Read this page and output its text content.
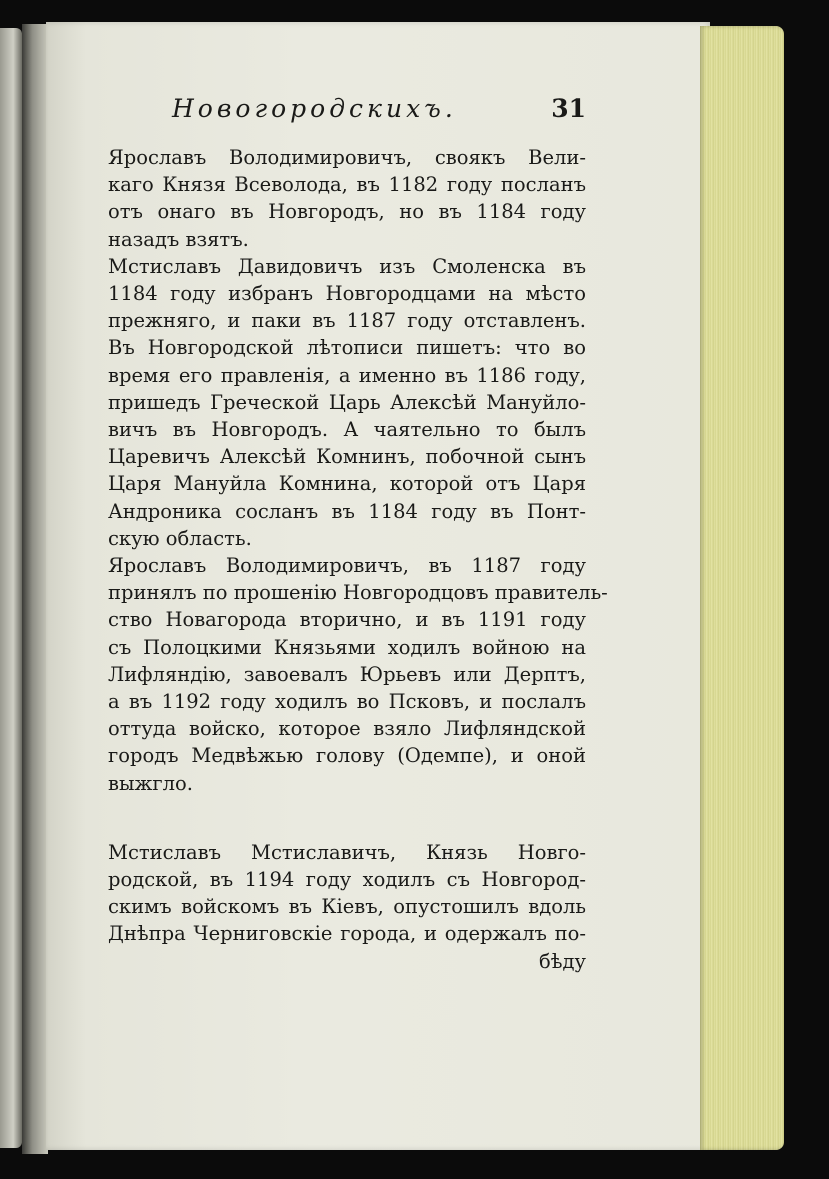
Новогородскихъ.	31
Ярославъ Володимировичъ, своякъ Вели-
каго Князя Всеволода, въ 1182 году посланъ
отъ онаго въ Новгородъ, но въ 1184 году
назадъ взятъ.
Мстиславъ Давидовичъ изъ Смоленска въ
1184 году избранъ Новгородцами на мѣсто
прежняго, и паки въ 1187 году отставленъ.
Въ Новгородской лѣтописи пишетъ: что во
время его правленія, а именно въ 1186 году,
пришедъ Греческой Царь Алексѣй Мануйло-
вичъ въ Новгородъ. А чаятельно то былъ
Царевичъ Алексѣй Комнинъ, побочной сынъ
Царя Мануйла Комнина, которой отъ Царя
Андроника сосланъ въ 1184 году въ Понт-
скую область.
Ярославъ Володимировичъ, въ 1187 году
принялъ по прошенію Новгородцовъ правитель-
ство Новагорода вторично, и въ 1191 году
съ Полоцкими Князьями ходилъ войною на
Лифляндію, завоевалъ Юрьевъ или Дерптъ,
а въ 1192 году ходилъ во Псковъ, и послалъ
оттуда войско, которое взяло Лифляндской
городъ Медвѣжью голову (Одемпе), и оной
выжгло.
Мстиславъ Мстиславичъ, Князь Новго-
родской, въ 1194 году ходилъ съ Новгород-
скимъ войскомъ въ Кіевъ, опустошилъ вдоль
Днѣпра Черниговскіе города, и одержалъ по-
бѣду
